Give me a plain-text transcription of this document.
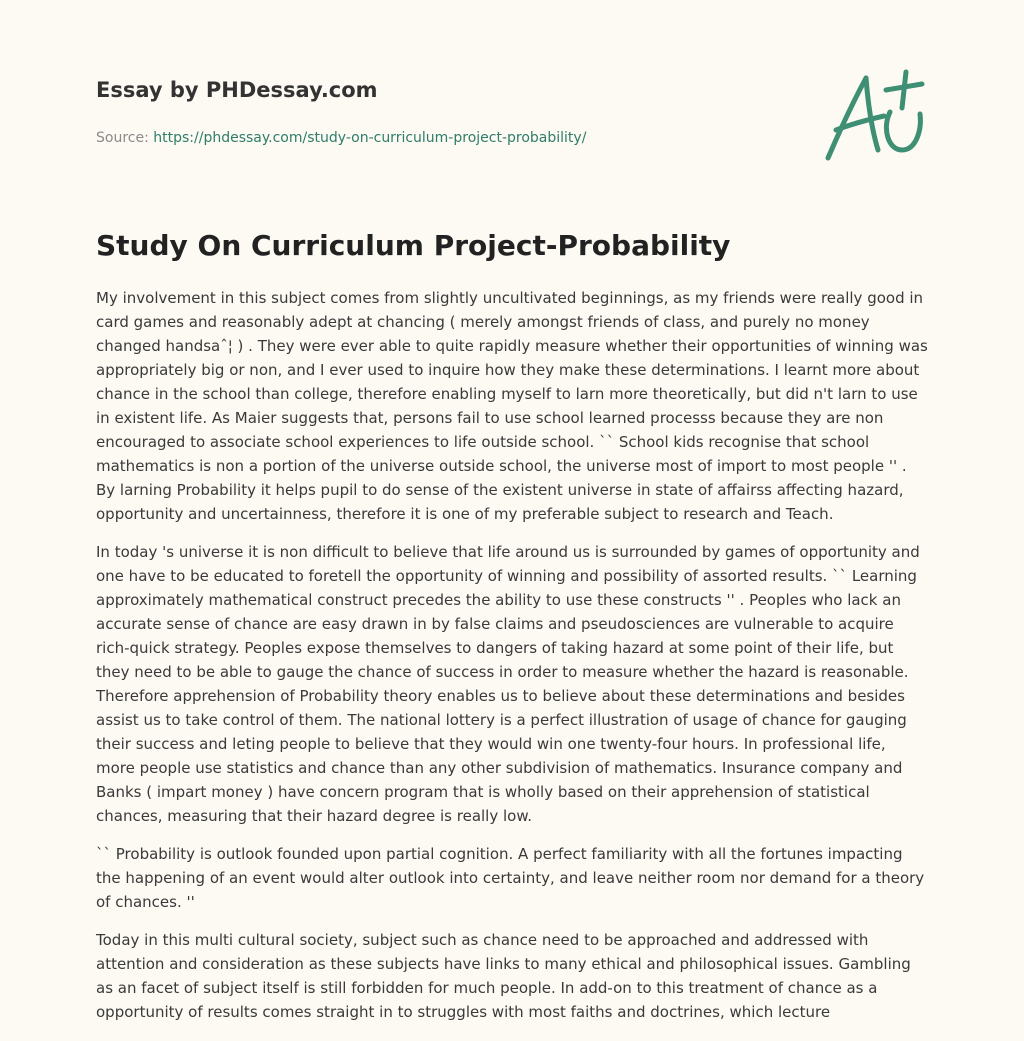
Essay by PHDessay.com
Source: https://phdessay.com/study-on-curriculum-project-probability/
Study On Curriculum Project-Probability

My involvement in this subject comes from slightly uncultivated beginnings, as my friends were really good in card games and reasonably adept at chancing ( merely amongst friends of class, and purely no money changed handsaˆ¦ ) . They were ever able to quite rapidly measure whether their opportunities of winning was appropriately big or non, and I ever used to inquire how they make these determinations. I learnt more about chance in the school than college, therefore enabling myself to larn more theoretically, but did n't larn to use in existent life. As Maier suggests that, persons fail to use school learned processs because they are non encouraged to associate school experiences to life outside school. `` School kids recognise that school mathematics is non a portion of the universe outside school, the universe most of import to most people '' . By larning Probability it helps pupil to do sense of the existent universe in state of affairss affecting hazard, opportunity and uncertainness, therefore it is one of my preferable subject to research and Teach.

In today 's universe it is non difficult to believe that life around us is surrounded by games of opportunity and one have to be educated to foretell the opportunity of winning and possibility of assorted results. `` Learning approximately mathematical construct precedes the ability to use these constructs '' . Peoples who lack an accurate sense of chance are easy drawn in by false claims and pseudosciences are vulnerable to acquire rich-quick strategy. Peoples expose themselves to dangers of taking hazard at some point of their life, but they need to be able to gauge the chance of success in order to measure whether the hazard is reasonable. Therefore apprehension of Probability theory enables us to believe about these determinations and besides assist us to take control of them. The national lottery is a perfect illustration of usage of chance for gauging their success and leting people to believe that they would win one twenty-four hours. In professional life, more people use statistics and chance than any other subdivision of mathematics. Insurance company and Banks ( impart money ) have concern program that is wholly based on their apprehension of statistical chances, measuring that their hazard degree is really low.

`` Probability is outlook founded upon partial cognition. A perfect familiarity with all the fortunes impacting the happening of an event would alter outlook into certainty, and leave neither room nor demand for a theory of chances. ''

Today in this multi cultural society, subject such as chance need to be approached and addressed with attention and consideration as these subjects have links to many ethical and philosophical issues. Gambling as an facet of subject itself is still forbidden for much people. In add-on to this treatment of chance as a opportunity of results comes straight in to struggles with most faiths and doctrines, which lecture
